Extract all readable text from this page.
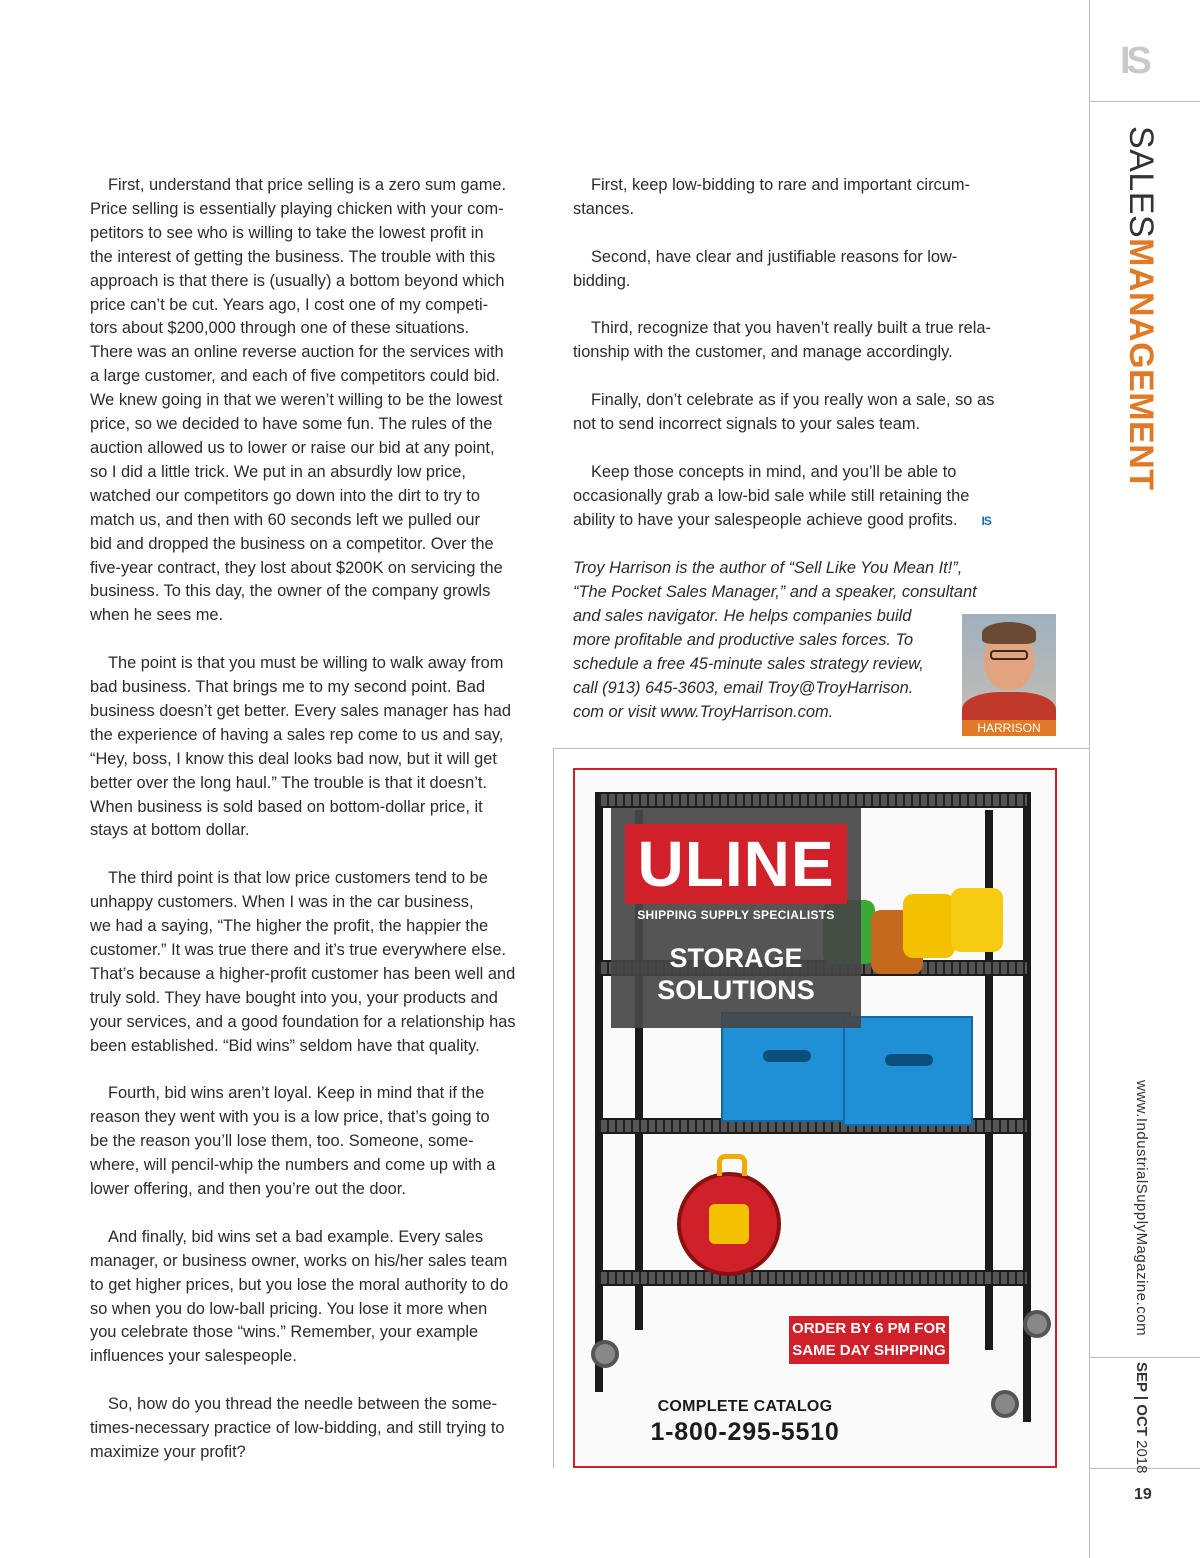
First, understand that price selling is a zero sum game.
Price selling is essentially playing chicken with your com-
petitors to see who is willing to take the lowest profit in
the interest of getting the business. The trouble with this
approach is that there is (usually) a bottom beyond which
price can’t be cut. Years ago, I cost one of my competi-
tors about $200,000 through one of these situations.
There was an online reverse auction for the services with
a large customer, and each of five competitors could bid.
We knew going in that we weren’t willing to be the lowest
price, so we decided to have some fun. The rules of the
auction allowed us to lower or raise our bid at any point,
so I did a little trick. We put in an absurdly low price,
watched our competitors go down into the dirt to try to
match us, and then with 60 seconds left we pulled our
bid and dropped the business on a competitor. Over the
five-year contract, they lost about $200K on servicing the
business. To this day, the owner of the company growls
when he sees me.

The point is that you must be willing to walk away from
bad business. That brings me to my second point. Bad
business doesn’t get better. Every sales manager has had
the experience of having a sales rep come to us and say,
“Hey, boss, I know this deal looks bad now, but it will get
better over the long haul.” The trouble is that it doesn’t.
When business is sold based on bottom-dollar price, it
stays at bottom dollar.

The third point is that low price customers tend to be
unhappy customers. When I was in the car business,
we had a saying, “The higher the profit, the happier the
customer.” It was true there and it’s true everywhere else.
That’s because a higher-profit customer has been well and
truly sold. They have bought into you, your products and
your services, and a good foundation for a relationship has
been established. “Bid wins” seldom have that quality.

Fourth, bid wins aren’t loyal. Keep in mind that if the
reason they went with you is a low price, that’s going to
be the reason you’ll lose them, too. Someone, some-
where, will pencil-whip the numbers and come up with a
lower offering, and then you’re out the door.

And finally, bid wins set a bad example. Every sales
manager, or business owner, works on his/her sales team
to get higher prices, but you lose the moral authority to do
so when you do low-ball pricing. You lose it more when
you celebrate those “wins.” Remember, your example
influences your salespeople.

So, how do you thread the needle between the some-
times-necessary practice of low-bidding, and still trying to
maximize your profit?

First, keep low-bidding to rare and important circum-
stances.

Second, have clear and justifiable reasons for low-
bidding.

Third, recognize that you haven’t really built a true rela-
tionship with the customer, and manage accordingly.

Finally, don’t celebrate as if you really won a sale, so as
not to send incorrect signals to your sales team.

Keep those concepts in mind, and you’ll be able to
occasionally grab a low-bid sale while still retaining the
ability to have your salespeople achieve good profits. IS

Troy Harrison is the author of “Sell Like You Mean It!”,
“The Pocket Sales Manager,” and a speaker, consultant
and sales navigator. He helps companies build
more profitable and productive sales forces. To
schedule a free 45-minute sales strategy review,
call (913) 645-3603, email Troy@TroyHarrison.
com or visit www.TroyHarrison.com.

HARRISON
ULINE
SHIPPING SUPPLY SPECIALISTS
STORAGE
SOLUTIONS
ORDER BY 6 PM FOR
SAME DAY SHIPPING
COMPLETE CATALOG
1-800-295-5510
IS
SALESMANAGEMENT
www.IndustrialSupplyMagazine.com
SEP | OCT 2018
19
